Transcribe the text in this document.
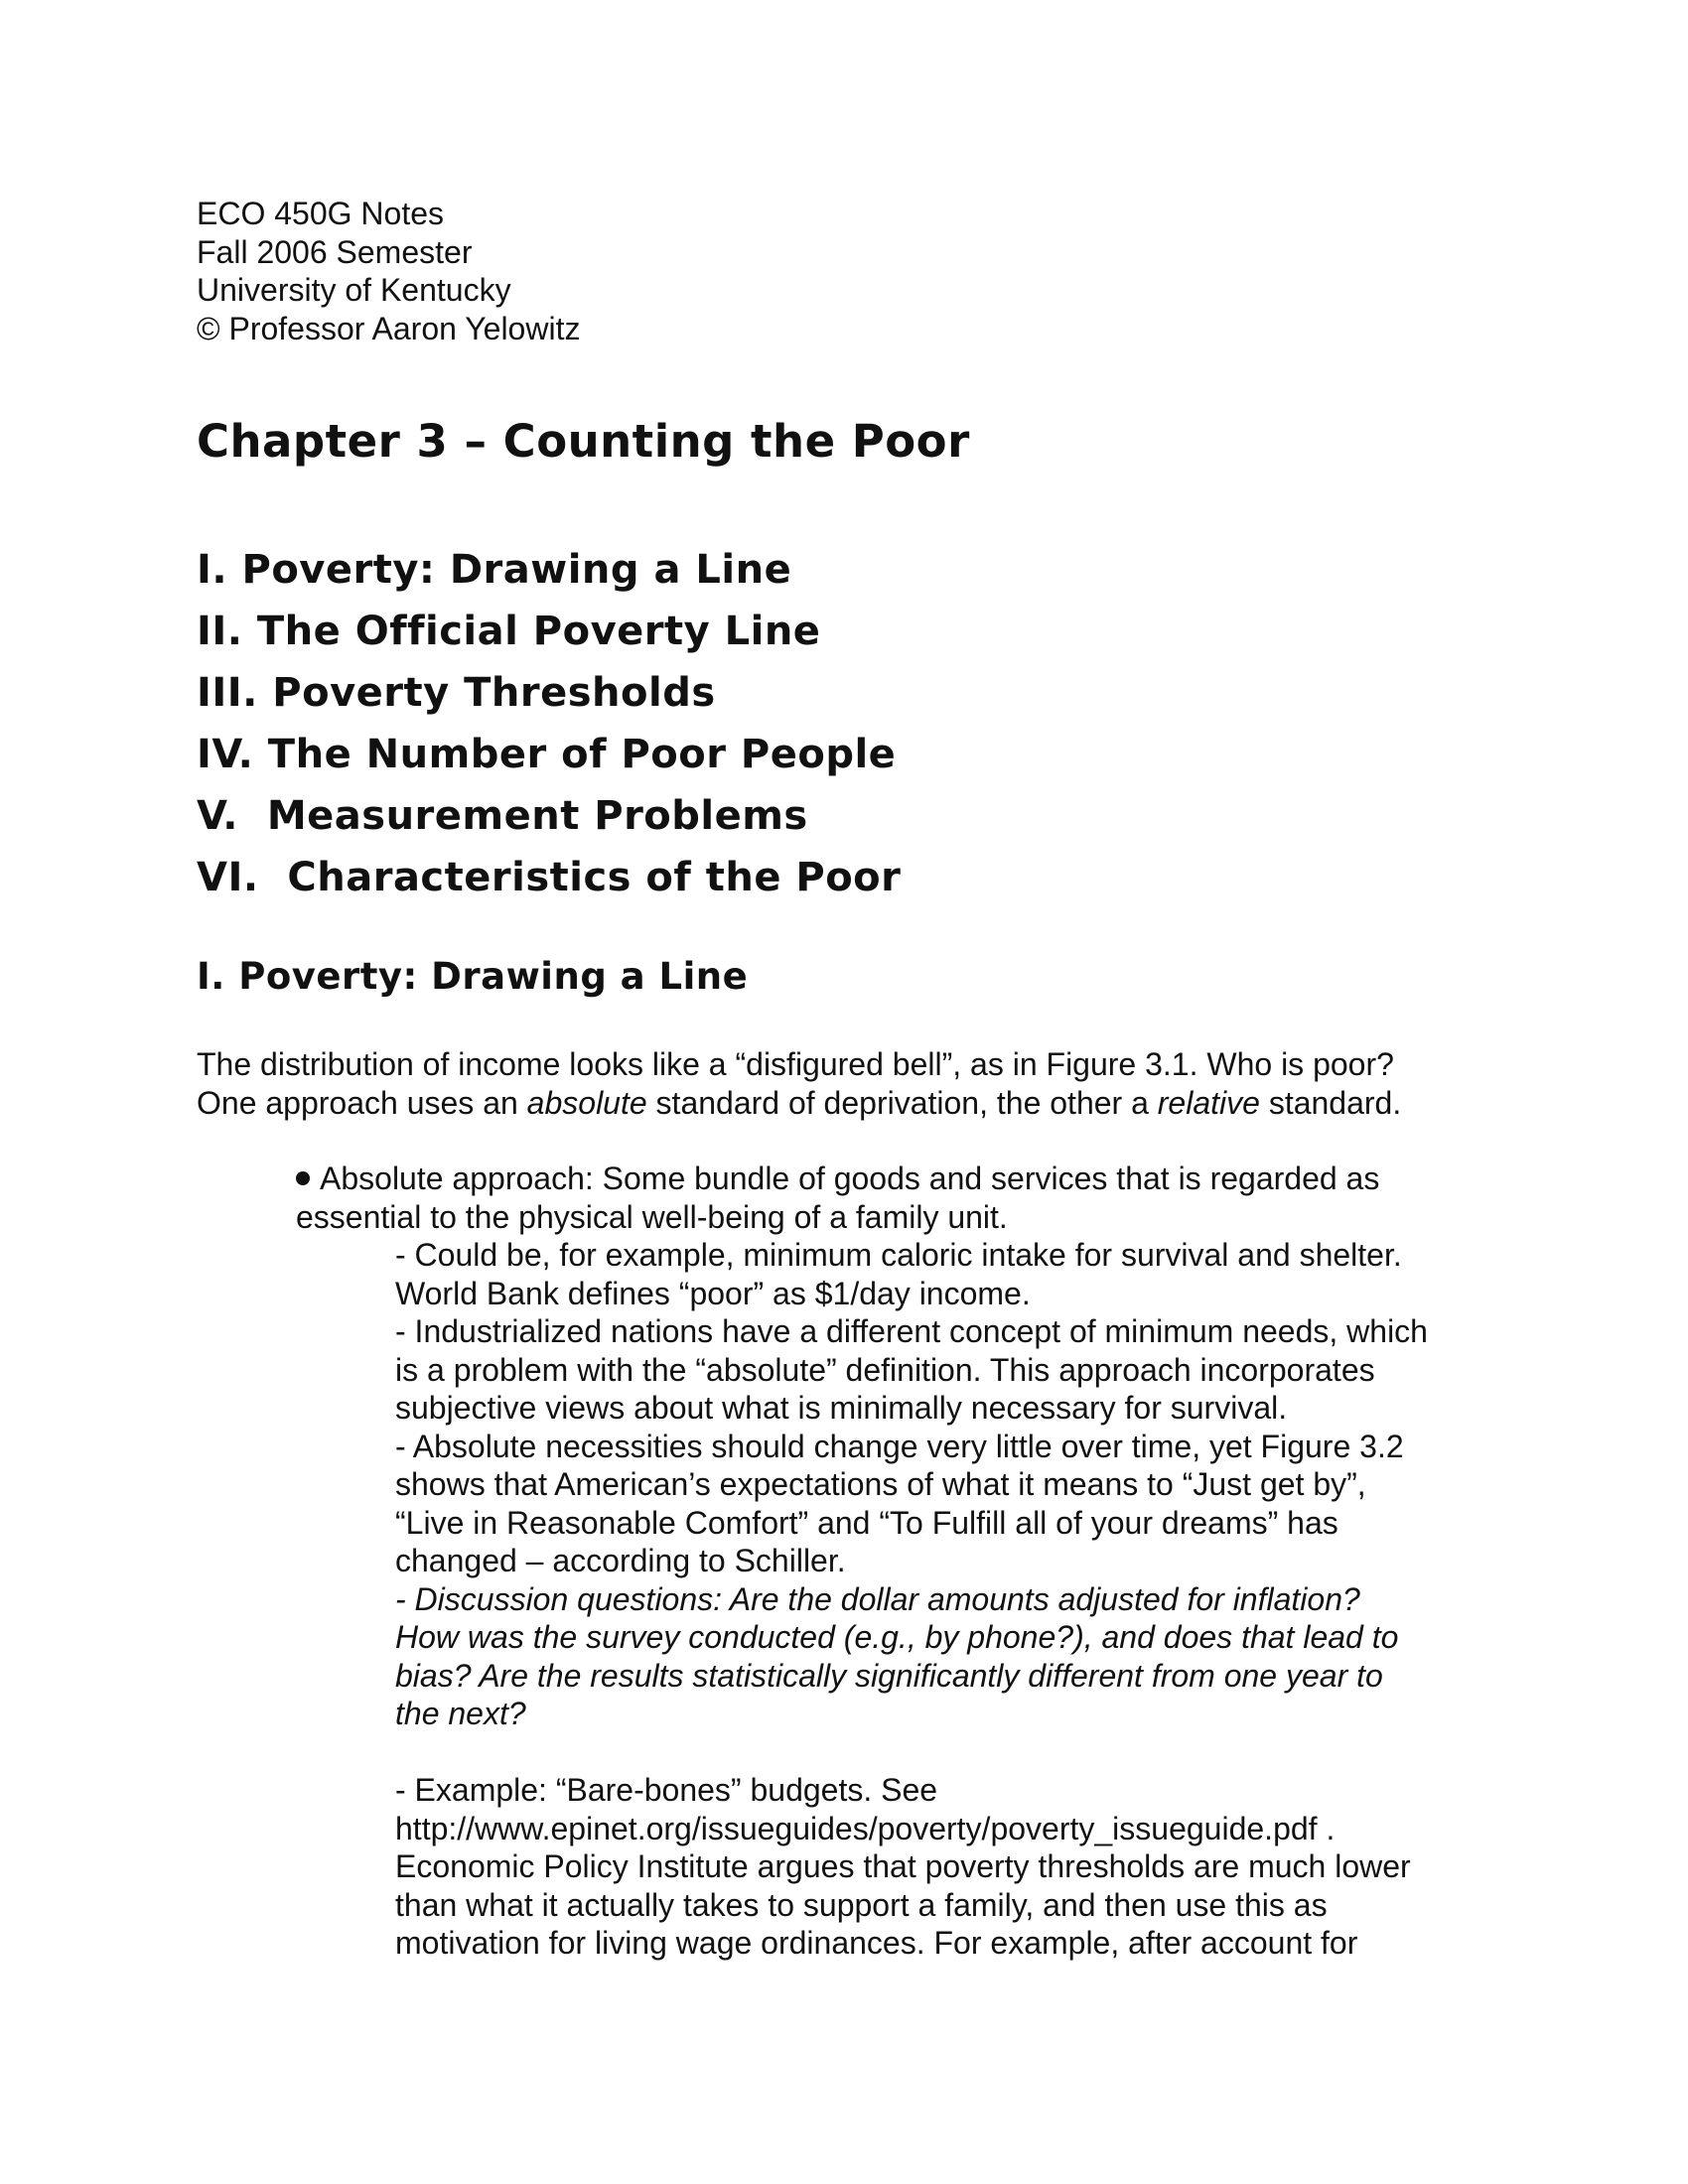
ECO 450G Notes
Fall 2006 Semester
University of Kentucky
© Professor Aaron Yelowitz
Chapter 3 – Counting the Poor
I. Poverty: Drawing a Line
II. The Official Poverty Line
III. Poverty Thresholds
IV. The Number of Poor People
V.  Measurement Problems
VI.  Characteristics of the Poor
I. Poverty: Drawing a Line
The distribution of income looks like a “disfigured bell”, as in Figure 3.1. Who is poor?
One approach uses an absolute standard of deprivation, the other a relative standard.
Absolute approach: Some bundle of goods and services that is regarded as
essential to the physical well-being of a family unit.
- Could be, for example, minimum caloric intake for survival and shelter.
World Bank defines “poor” as $1/day income.
- Industrialized nations have a different concept of minimum needs, which
is a problem with the “absolute” definition. This approach incorporates
subjective views about what is minimally necessary for survival.
- Absolute necessities should change very little over time, yet Figure 3.2
shows that American’s expectations of what it means to “Just get by”,
“Live in Reasonable Comfort” and “To Fulfill all of your dreams” has
changed – according to Schiller.
- Discussion questions: Are the dollar amounts adjusted for inflation?
How was the survey conducted (e.g., by phone?), and does that lead to
bias? Are the results statistically significantly different from one year to
the next?
- Example: “Bare-bones” budgets. See
http://www.epinet.org/issueguides/poverty/poverty_issueguide.pdf .
Economic Policy Institute argues that poverty thresholds are much lower
than what it actually takes to support a family, and then use this as
motivation for living wage ordinances. For example, after account for
